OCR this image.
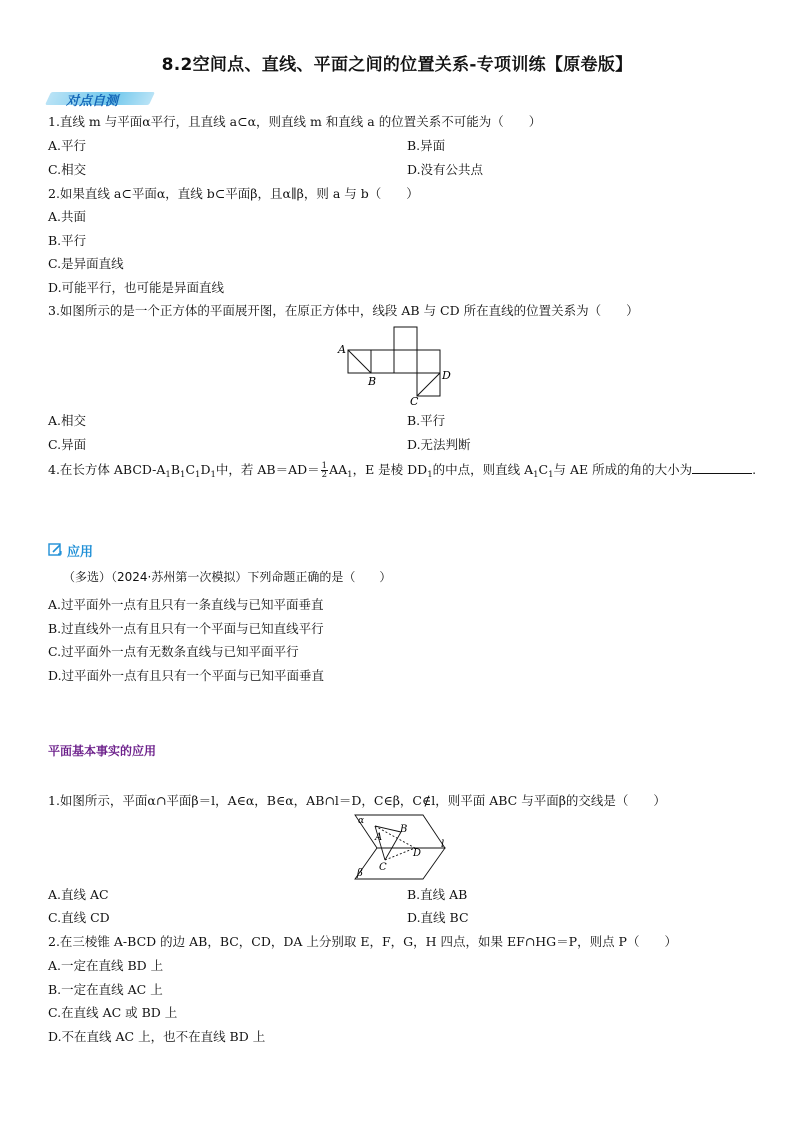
8.2空间点、直线、平面之间的位置关系-专项训练【原卷版】
对点自测
1.直线 m 与平面α平行，且直线 a⊂α，则直线 m 和直线 a 的位置关系不可能为（　　）
A.平行	B.异面
C.相交	D.没有公共点
2.如果直线 a⊂平面α，直线 b⊂平面β，且α∥β，则 a 与 b（　　）
A.共面
B.平行
C.是异面直线
D.可能平行，也可能是异面直线
3.如图所示的是一个正方体的平面展开图，在原正方体中，线段 AB 与 CD 所在直线的位置关系为（　　）
A
B
C
D
A.相交	B.平行
C.异面	D.无法判断
4.在长方体 ABCD-$A_1B_1C_1D_1$中，若 $AB=AD= \frac{1}{2} AA_1$，E 是棱 $DD_1$的中点，则直线 $A_1C_1$与 AE 所成的角的大小为	.
应用
（多选）（2024·苏州第一次模拟）下列命题正确的是（　　）
A.过平面外一点有且只有一条直线与已知平面垂直
B.过直线外一点有且只有一个平面与已知直线平行
C.过平面外一点有无数条直线与已知平面平行
D.过平面外一点有且只有一个平面与已知平面垂直
平面基本事实的应用
1.如图所示，平面α∩平面β＝l，A∈α，B∈α，AB∩l＝D，C∈β，C∉l，则平面 ABC 与平面β的交线是（　　）
α
A
B
C
D
l
β
A.直线 AC	B.直线 AB
C.直线 CD	D.直线 BC
2.在三棱锥 A-BCD 的边 AB，BC，CD，DA 上分别取 E，F，G，H 四点，如果 EF∩HG＝P，则点 P（　　）
A.一定在直线 BD 上
B.一定在直线 AC 上
C.在直线 AC 或 BD 上
D.不在直线 AC 上，也不在直线 BD 上
